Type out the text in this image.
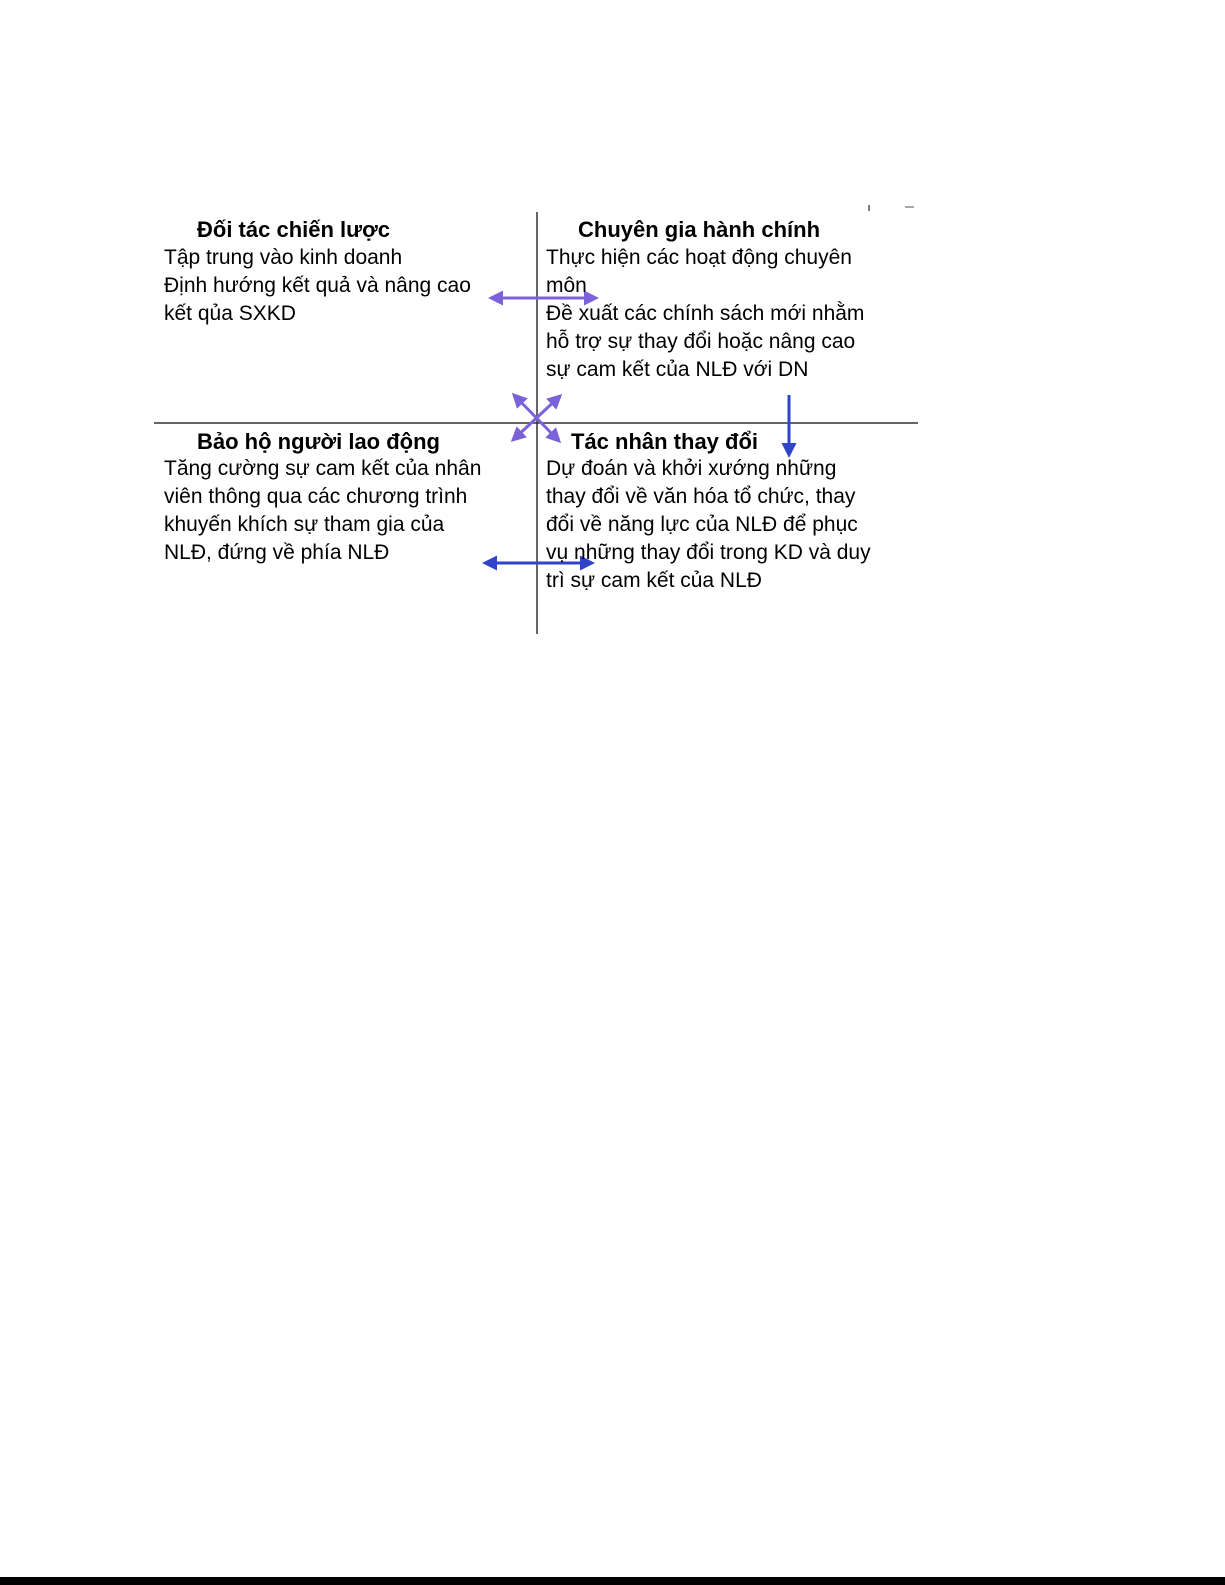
Đối tác chiến lược
Tập trung vào kinh doanh
Định hướng kết quả và nâng cao
kết qủa SXKD
Chuyên gia hành chính
Thực hiện các hoạt động chuyên
môn
Đề xuất các chính sách mới nhằm
hỗ trợ sự thay đổi hoặc nâng cao
sự cam kết của NLĐ với DN
Bảo hộ người lao động
Tăng cường sự cam kết của nhân
viên thông qua các chương trình
khuyến khích sự tham gia của
NLĐ, đứng về phía NLĐ
Tác nhân thay đổi
Dự đoán và khởi xướng những
thay đổi về văn hóa tổ chức, thay
đổi về năng lực của NLĐ để phục
vụ những thay đổi trong KD và duy
trì sự cam kết của NLĐ
